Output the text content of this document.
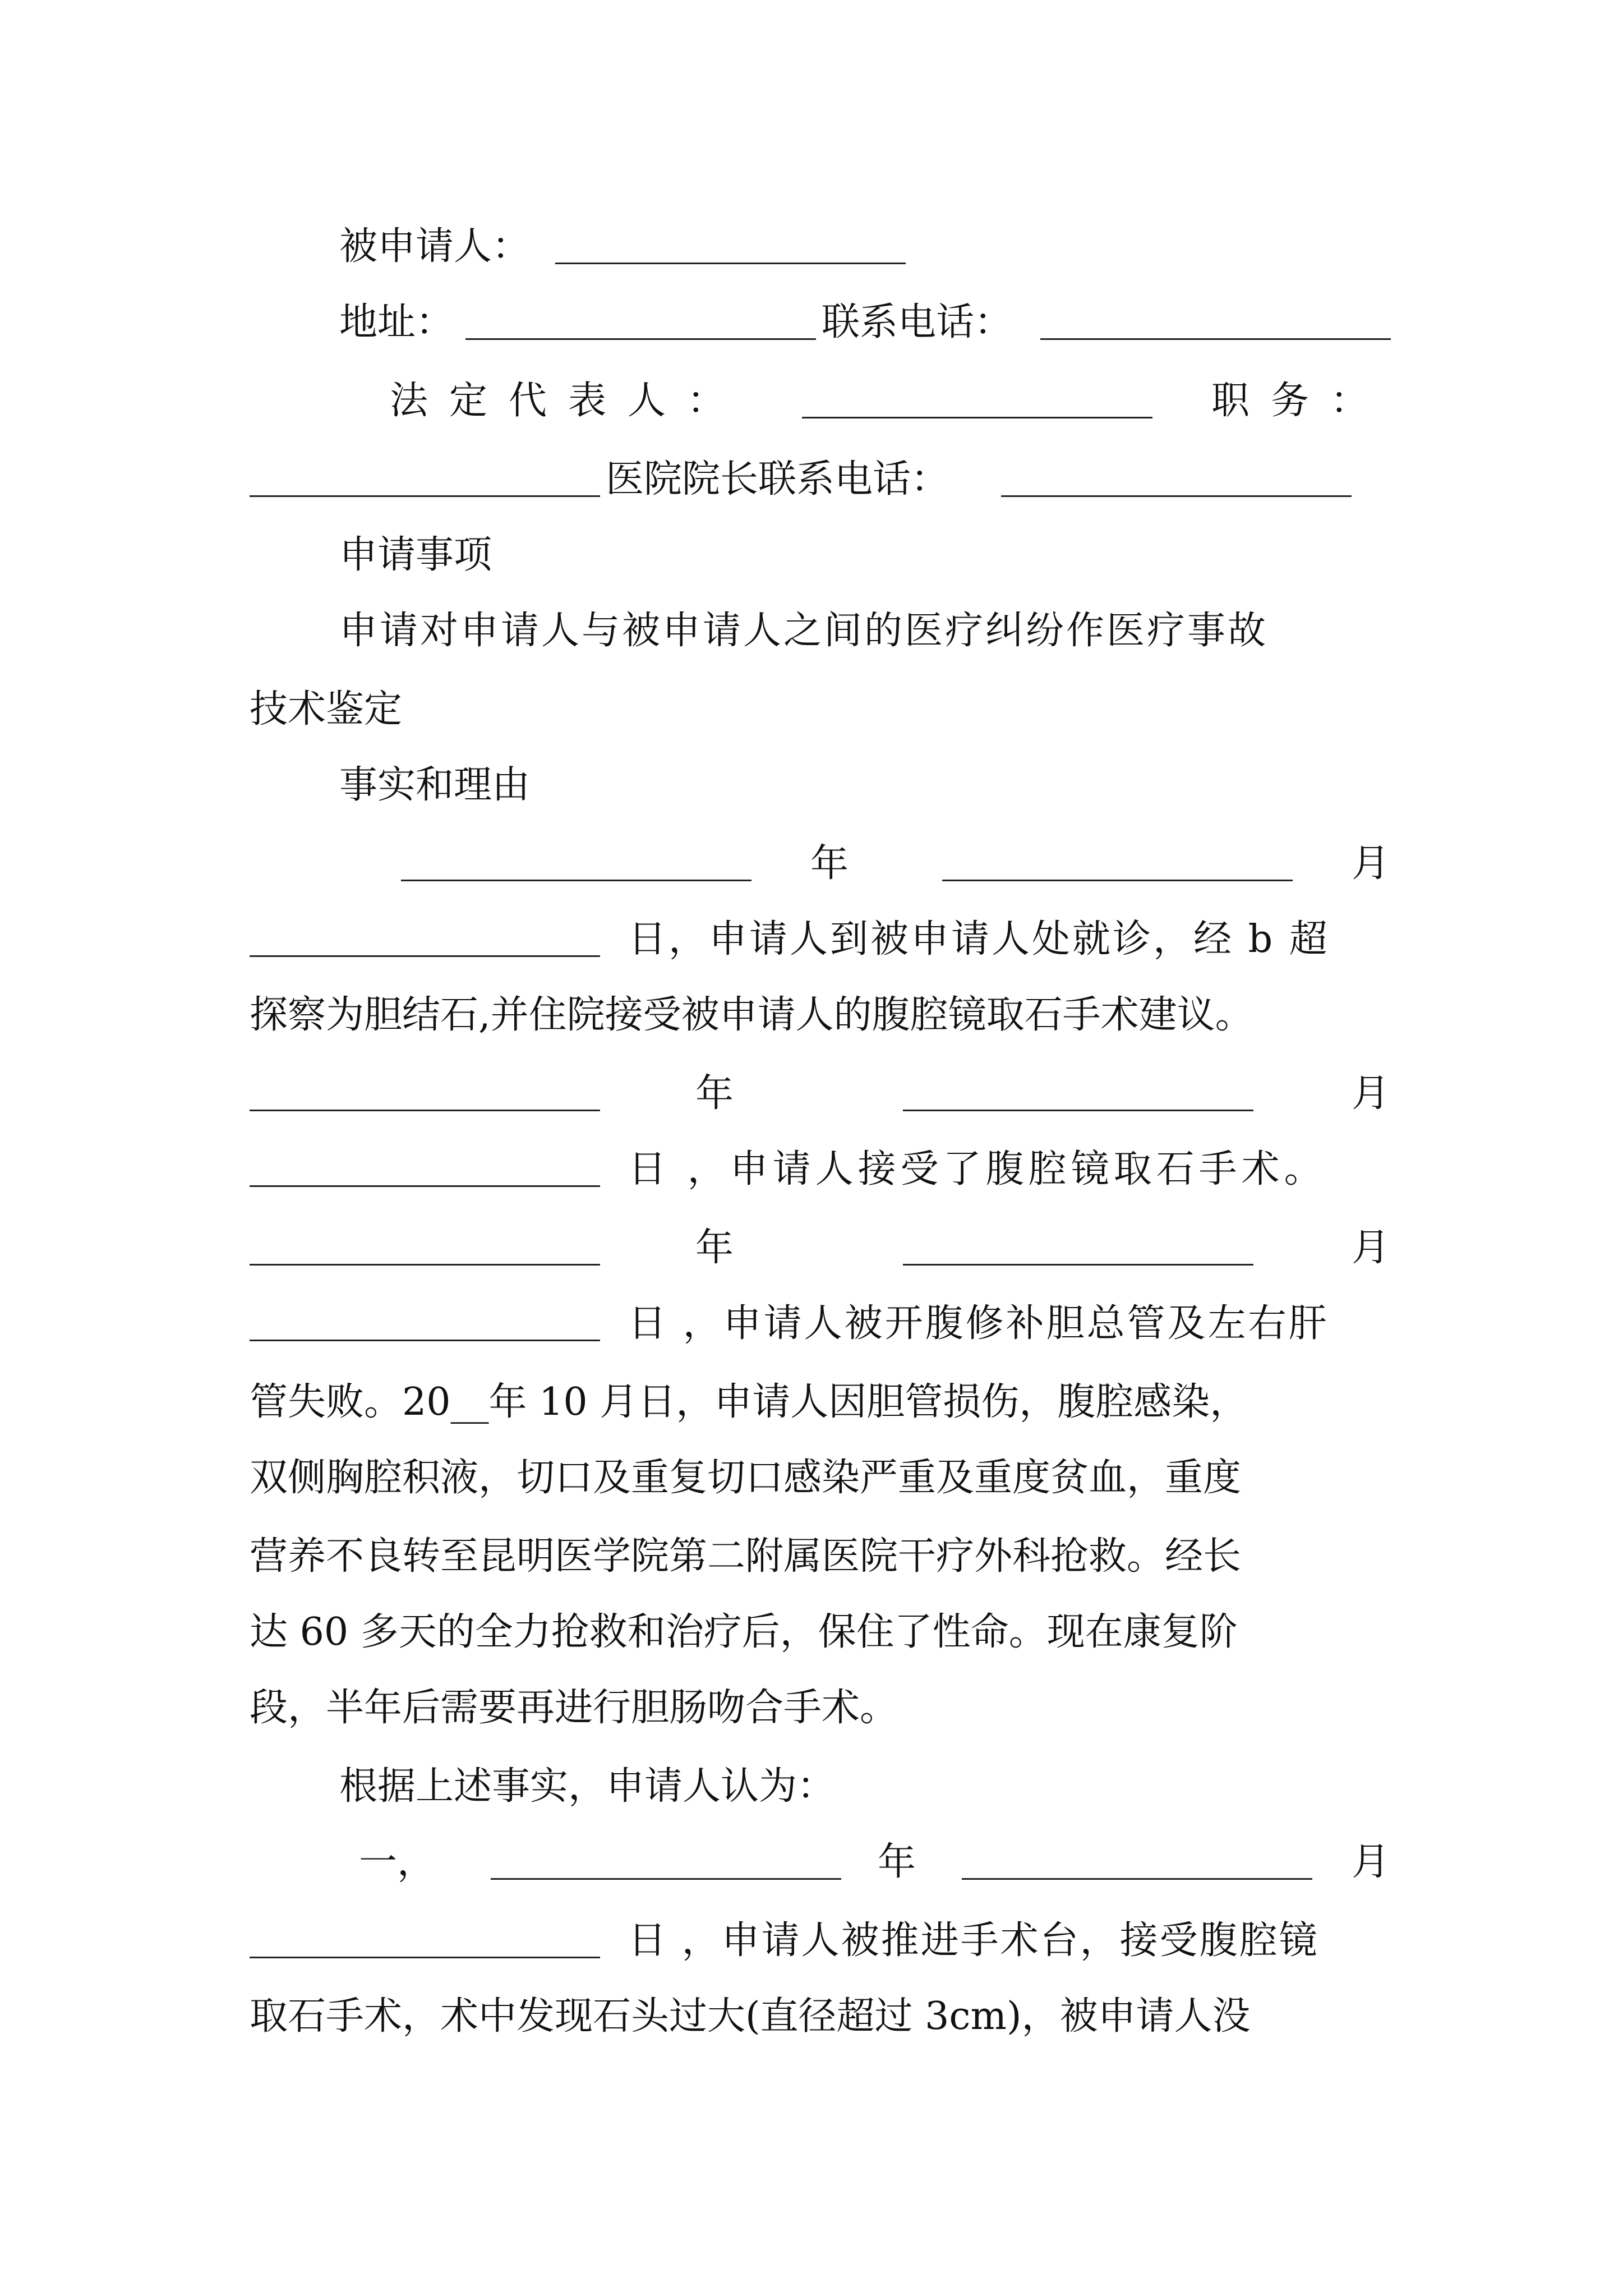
被申请人：
地址：	联系电话：
法定代表人：	职务：
医院院长联系电话：
申请事项
申请对申请人与被申请人之间的医疗纠纷作医疗事故
技术鉴定
事实和理由
年	月
日，申请人到被申请人处就诊，经 b 超
探察为胆结石,并住院接受被申请人的腹腔镜取石手术建议。
年	月
日 ，申请人接受了腹腔镜取石手术。
年	月
日 ，申请人被开腹修补胆总管及左右肝
管失败。20__年 10 月日，申请人因胆管损伤，腹腔感染，
双侧胸腔积液，切口及重复切口感染严重及重度贫血，重度
营养不良转至昆明医学院第二附属医院干疗外科抢救。经长
达 60 多天的全力抢救和治疗后，保住了性命。现在康复阶
段，半年后需要再进行胆肠吻合手术。
根据上述事实，申请人认为：
一，	年	月
日 ，申请人被推进手术台，接受腹腔镜
取石手术，术中发现石头过大(直径超过 3cm)，被申请人没
